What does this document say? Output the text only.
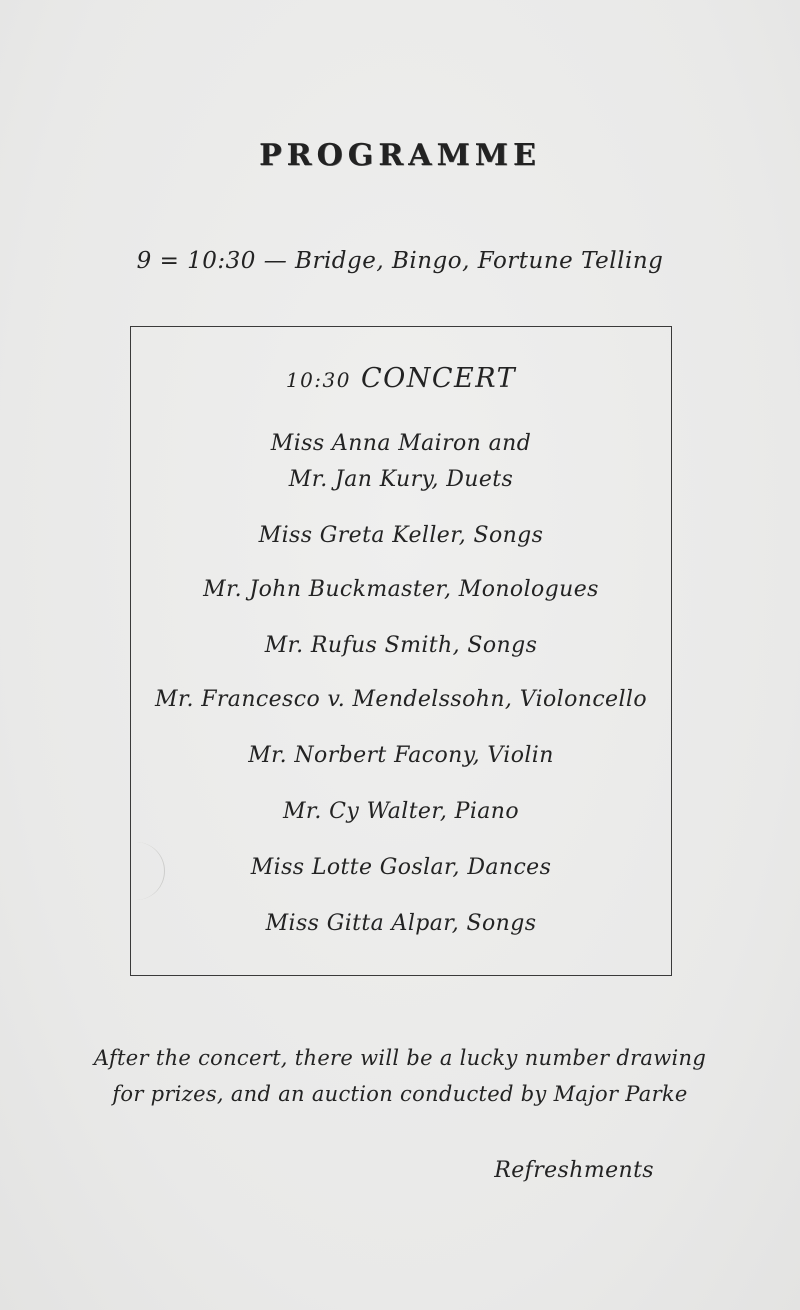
PROGRAMME
9 = 10:30 — Bridge, Bingo, Fortune Telling
10:30 CONCERT
Miss Anna Mairon and
Mr. Jan Kury, Duets
Miss Greta Keller, Songs
Mr. John Buckmaster, Monologues
Mr. Rufus Smith, Songs
Mr. Francesco v. Mendelssohn, Violoncello
Mr. Norbert Facony, Violin
Mr. Cy Walter, Piano
Miss Lotte Goslar, Dances
Miss Gitta Alpar, Songs
After the concert, there will be a lucky number drawing
for prizes, and an auction conducted by Major Parke
Refreshments
